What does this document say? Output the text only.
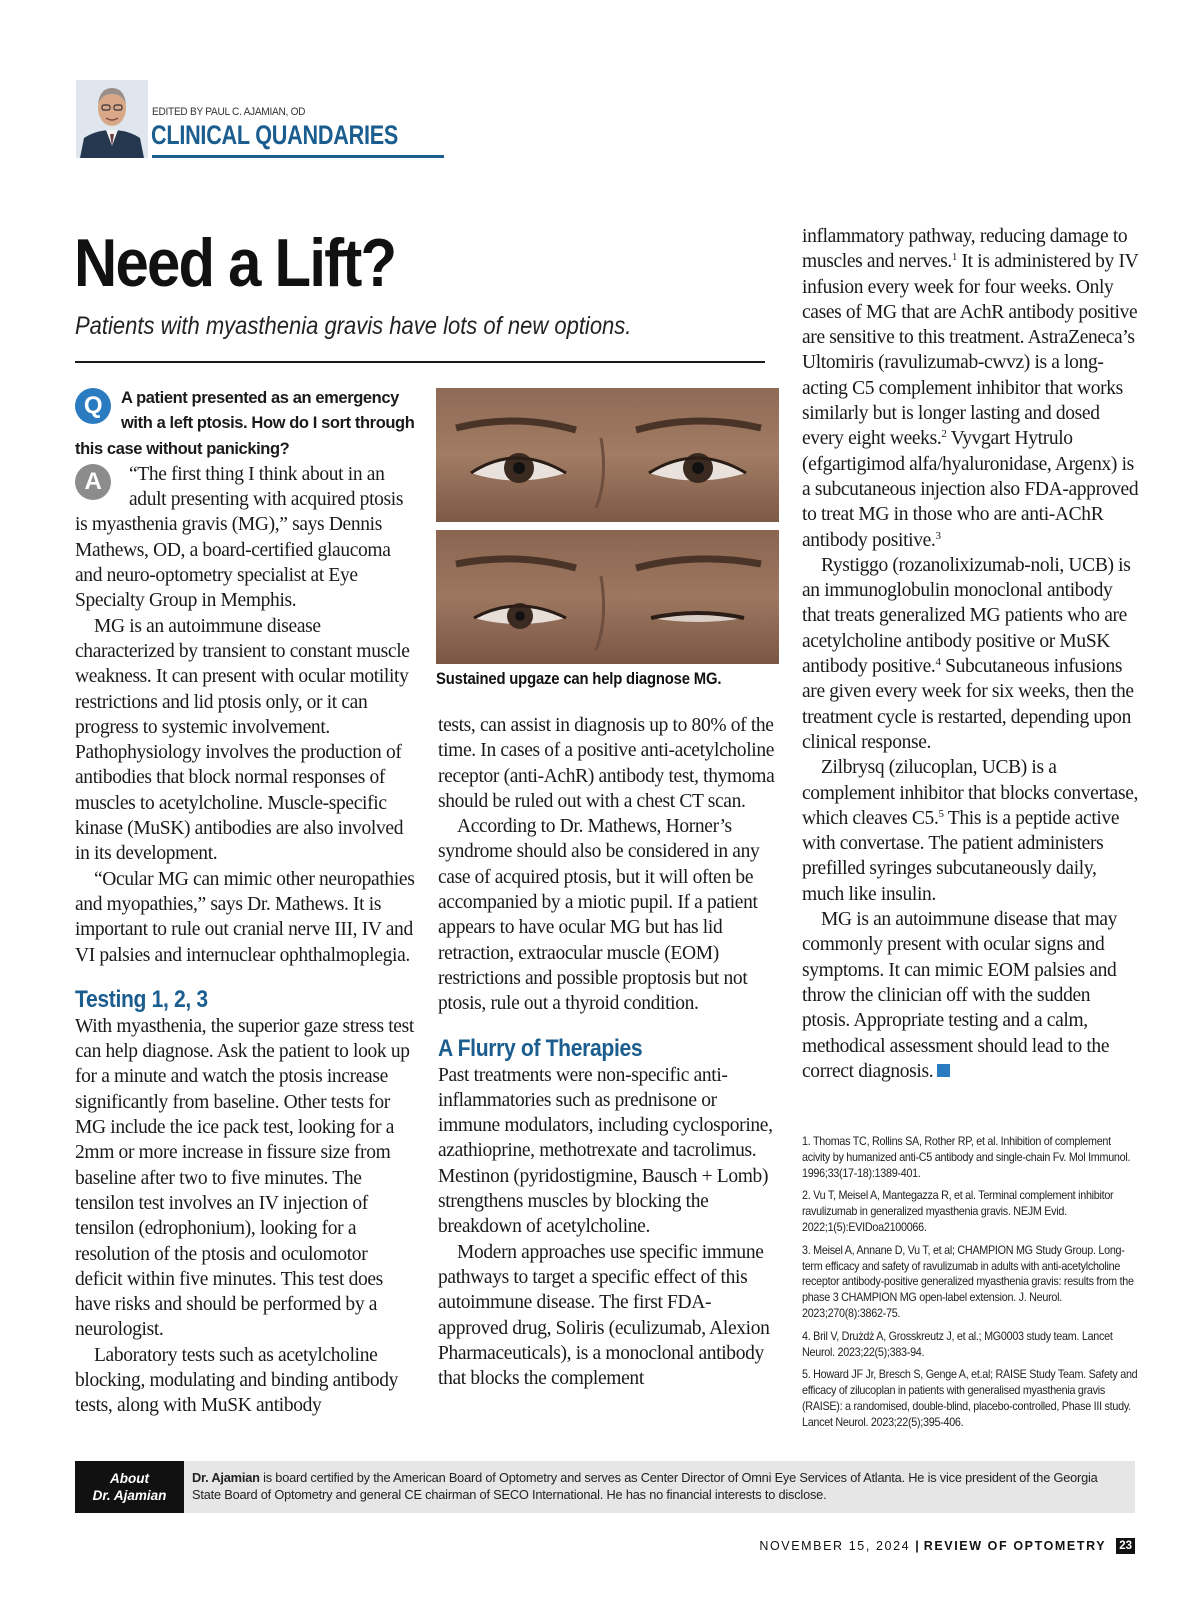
EDITED BY PAUL C. AJAMIAN, OD
CLINICAL QUANDARIES
Need a Lift?
Patients with myasthenia gravis have lots of new options.
Q	A patient presented as an emergency with a left ptosis. How do I sort through this case without panicking?

A	“The first thing I think about in an adult presenting with acquired ptosis is myasthenia gravis (MG),” says Dennis Mathews, OD, a board-certified glaucoma and neuro-optometry specialist at Eye Specialty Group in Memphis.

MG is an autoimmune disease characterized by transient to constant muscle weakness. It can present with ocular motility restrictions and lid ptosis only, or it can progress to systemic involvement. Pathophysiology involves the production of antibodies that block normal responses of muscles to acetylcholine. Muscle-specific kinase (MuSK) antibodies are also involved in its development.

“Ocular MG can mimic other neuropathies and myopathies,” says Dr. Mathews. It is important to rule out cranial nerve III, IV and VI palsies and internuclear ophthalmoplegia.

Testing 1, 2, 3

With myasthenia, the superior gaze stress test can help diagnose. Ask the patient to look up for a minute and watch the ptosis increase significantly from baseline. Other tests for MG include the ice pack test, looking for a 2mm or more increase in fissure size from baseline after two to five minutes. The tensilon test involves an IV injection of tensilon (edrophonium), looking for a resolution of the ptosis and oculomotor deficit within five minutes. This test does have risks and should be performed by a neurologist.

Laboratory tests such as acetylcholine blocking, modulating and binding antibody tests, along with MuSK antibody

Sustained upgaze can help diagnose MG.

tests, can assist in diagnosis up to 80% of the time. In cases of a positive anti-acetylcholine receptor (anti-AchR) antibody test, thymoma should be ruled out with a chest CT scan.

According to Dr. Mathews, Horner’s syndrome should also be considered in any case of acquired ptosis, but it will often be accompanied by a miotic pupil. If a patient appears to have ocular MG but has lid retraction, extraocular muscle (EOM) restrictions and possible proptosis but not ptosis, rule out a thyroid condition.

A Flurry of Therapies

Past treatments were non-specific anti-inflammatories such as prednisone or immune modulators, including cyclosporine, azathioprine, methotrexate and tacrolimus. Mestinon (pyridostigmine, Bausch + Lomb) strengthens muscles by blocking the breakdown of acetylcholine.

Modern approaches use specific immune pathways to target a specific effect of this autoimmune disease. The first FDA-approved drug, Soliris (eculizumab, Alexion Pharmaceuticals), is a monoclonal antibody that blocks the complement

inflammatory pathway, reducing damage to muscles and nerves.$^1$ It is administered by IV infusion every week for four weeks. Only cases of MG that are AchR antibody positive are sensitive to this treatment. AstraZeneca’s Ultomiris (ravulizumab-cwvz) is a long-acting C5 complement inhibitor that works similarly but is longer lasting and dosed every eight weeks.$^2$ Vyvgart Hytrulo (efgartigimod alfa/hyaluronidase, Argenx) is a subcutaneous injection also FDA-approved to treat MG in those who are anti-AChR antibody positive.$^3$

Rystiggo (rozanolixizumab-noli, UCB) is an immunoglobulin monoclonal antibody that treats generalized MG patients who are acetylcholine antibody positive or MuSK antibody positive.$^4$ Subcutaneous infusions are given every week for six weeks, then the treatment cycle is restarted, depending upon clinical response.

Zilbrysq (zilucoplan, UCB) is a complement inhibitor that blocks convertase, which cleaves C5.$^5$ This is a peptide active with convertase. The patient administers prefilled syringes subcutaneously daily, much like insulin.

MG is an autoimmune disease that may commonly present with ocular signs and symptoms. It can mimic EOM palsies and throw the clinician off with the sudden ptosis. Appropriate testing and a calm, methodical assessment should lead to the correct diagnosis.

1. Thomas TC, Rollins SA, Rother RP, et al. Inhibition of complement acivity by humanized anti-C5 antibody and single-chain Fv. Mol Immunol. 1996;33(17-18):1389-401.

2. Vu T, Meisel A, Mantegazza R, et al. Terminal complement inhibitor ravulizumab in generalized myasthenia gravis. NEJM Evid. 2022;1(5):EVIDoa2100066.

3. Meisel A, Annane D, Vu T, et al; CHAMPION MG Study Group. Long-term efficacy and safety of ravulizumab in adults with anti-acetylcholine receptor antibody-positive generalized myasthenia gravis: results from the phase 3 CHAMPION MG open-label extension. J. Neurol. 2023;270(8):3862-75.

4. Bril V, Drużdż A, Grosskreutz J, et al.; MG0003 study team. Lancet Neurol. 2023;22(5);383-94.

5. Howard JF Jr, Bresch S, Genge A, et.al; RAISE Study Team. Safety and efficacy of zilucoplan in patients with generalised myasthenia gravis (RAISE): a randomised, double-blind, placebo-controlled, Phase III study. Lancet Neurol. 2023;22(5);395-406.

About
Dr. Ajamian
Dr. Ajamian is board certified by the American Board of Optometry and serves as Center Director of Omni Eye Services of Atlanta. He is vice president of the Georgia State Board of Optometry and general CE chairman of SECO International. He has no financial interests to disclose.
NOVEMBER 15, 2024 | REVIEW OF OPTOMETRY 23
